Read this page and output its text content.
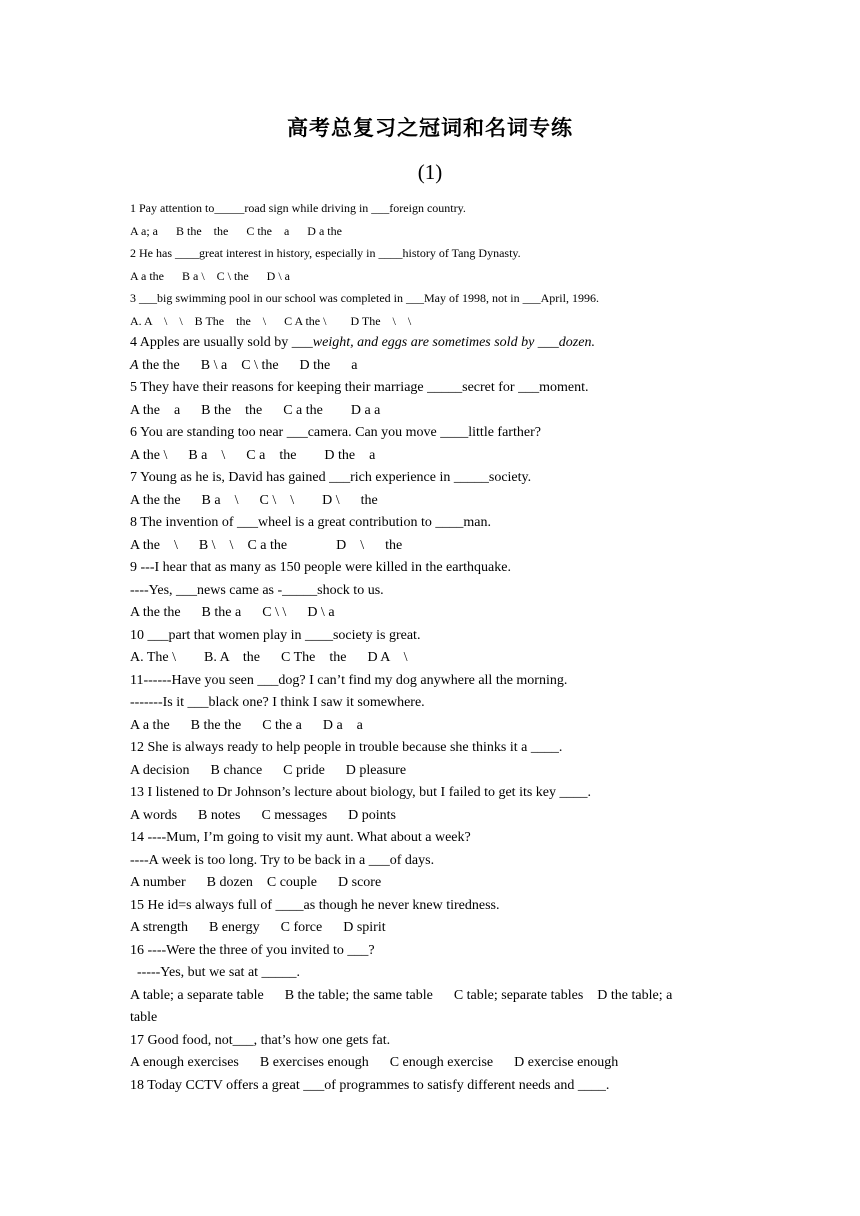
高考总复习之冠词和名词专练
(1)
1 Pay attention to_____road sign while driving in ___foreign country.
A a; a      B the    the      C the    a      D a the
2 He has ____great interest in history, especially in ____history of Tang Dynasty.
A a the      B a \    C \ the      D \ a
3 ___big swimming pool in our school was completed in ___May of 1998, not in ___April, 1996.
A. A    \    \    B The    the    \      C A the \        D The    \    \
4 Apples are usually sold by ___weight, and eggs are sometimes sold by ___dozen.
A the the      B \ a    C \ the      D the      a
5 They have their reasons for keeping their marriage _____secret for ___moment.
A the    a      B the    the      C a the        D a a
6 You are standing too near ___camera. Can you move ____little farther?
A the \      B a    \      C a    the        D the    a
7 Young as he is, David has gained ___rich experience in _____society.
A the the      B a    \      C \    \        D \      the
8 The invention of ___wheel is a great contribution to ____man.
A the    \      B \    \    C a the              D    \      the
9 ---I hear that as many as 150 people were killed in the earthquake.
----Yes, ___news came as -_____shock to us.
A the the      B the a      C \ \      D \ a
10 ___part that women play in ____society is great.
A. The \        B. A    the      C The    the      D A    \
11------Have you seen ___dog? I can’t find my dog anywhere all the morning.
-------Is it ___black one? I think I saw it somewhere.
A a the      B the the      C the a      D a    a
12 She is always ready to help people in trouble because she thinks it a ____.
A decision      B chance      C pride      D pleasure
13 I listened to Dr Johnson’s lecture about biology, but I failed to get its key ____.
A words      B notes      C messages      D points
14 ----Mum, I’m going to visit my aunt. What about a week?
----A week is too long. Try to be back in a ___of days.
A number      B dozen    C couple      D score
15 He id=s always full of ____as though he never knew tiredness.
A strength      B energy      C force      D spirit
16 ----Were the three of you invited to ___?
-----Yes, but we sat at _____.
A table; a separate table      B the table; the same table      C table; separate tables    D the table; a
table
17 Good food, not___, that’s how one gets fat.
A enough exercises      B exercises enough      C enough exercise      D exercise enough
18 Today CCTV offers a great ___of programmes to satisfy different needs and ____.
